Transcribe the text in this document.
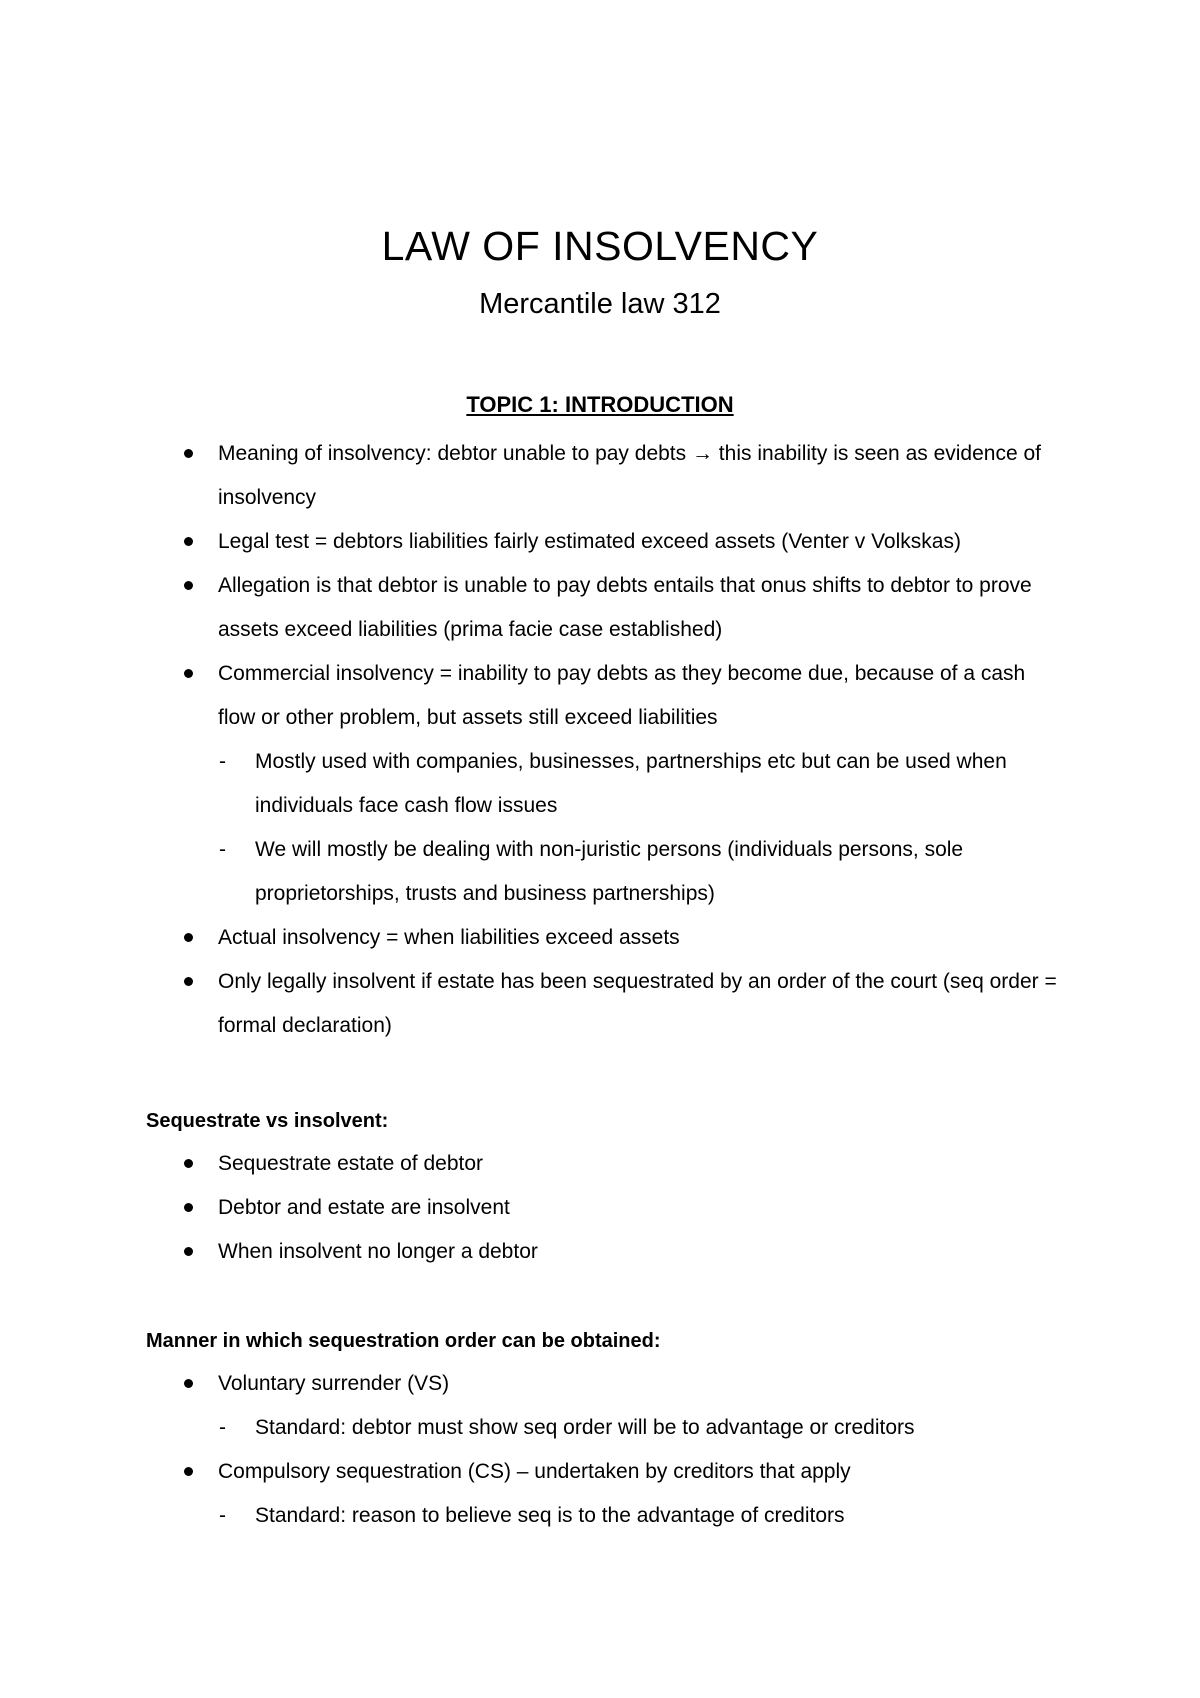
LAW OF INSOLVENCY
Mercantile law 312
TOPIC 1: INTRODUCTION
Meaning of insolvency: debtor unable to pay debts → this inability is seen as evidence of insolvency
Legal test = debtors liabilities fairly estimated exceed assets (Venter v Volkskas)
Allegation is that debtor is unable to pay debts entails that onus shifts to debtor to prove assets exceed liabilities (prima facie case established)
Commercial insolvency = inability to pay debts as they become due, because of a cash flow or other problem, but assets still exceed liabilities
- Mostly used with companies, businesses, partnerships etc but can be used when individuals face cash flow issues
- We will mostly be dealing with non-juristic persons (individuals persons, sole proprietorships, trusts and business partnerships)
Actual insolvency = when liabilities exceed assets
Only legally insolvent if estate has been sequestrated by an order of the court (seq order = formal declaration)
Sequestrate vs insolvent:
Sequestrate estate of debtor
Debtor and estate are insolvent
When insolvent no longer a debtor
Manner in which sequestration order can be obtained:
Voluntary surrender (VS)
- Standard: debtor must show seq order will be to advantage or creditors
Compulsory sequestration (CS) – undertaken by creditors that apply
- Standard: reason to believe seq is to the advantage of creditors
